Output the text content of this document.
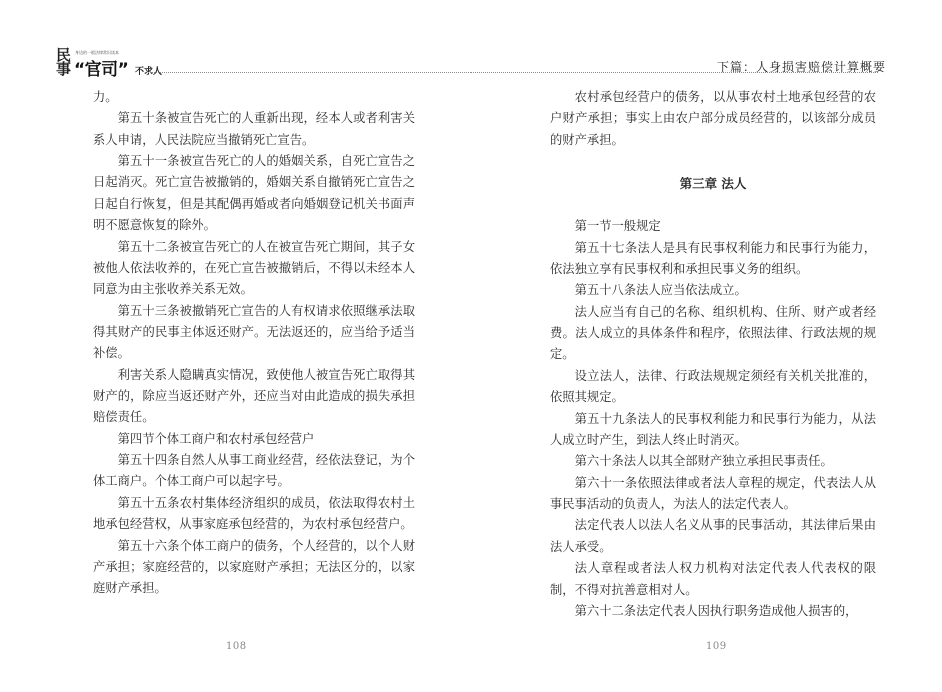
民
事
身边的一般法律常识读本
“官司” 不求人

力。

第五十条被宣告死亡的人重新出现，经本人或者利害关系人申请，人民法院应当撤销死亡宣告。

第五十一条被宣告死亡的人的婚姻关系，自死亡宣告之日起消灭。死亡宣告被撤销的，婚姻关系自撤销死亡宣告之日起自行恢复，但是其配偶再婚或者向婚姻登记机关书面声明不愿意恢复的除外。

第五十二条被宣告死亡的人在被宣告死亡期间，其子女被他人依法收养的，在死亡宣告被撤销后，不得以未经本人同意为由主张收养关系无效。

第五十三条被撤销死亡宣告的人有权请求依照继承法取得其财产的民事主体返还财产。无法返还的，应当给予适当补偿。

利害关系人隐瞒真实情况，致使他人被宣告死亡取得其财产的，除应当返还财产外，还应当对由此造成的损失承担赔偿责任。

第四节个体工商户和农村承包经营户

第五十四条自然人从事工商业经营，经依法登记，为个体工商户。个体工商户可以起字号。

第五十五条农村集体经济组织的成员，依法取得农村土地承包经营权，从事家庭承包经营的，为农村承包经营户。

第五十六条个体工商户的债务，个人经营的，以个人财产承担；家庭经营的，以家庭财产承担；无法区分的，以家庭财产承担。

108
下篇：人身损害赔偿计算概要

农村承包经营户的债务，以从事农村土地承包经营的农户财产承担；事实上由农户部分成员经营的，以该部分成员的财产承担。

第三章 法人

第一节一般规定

第五十七条法人是具有民事权利能力和民事行为能力，依法独立享有民事权利和承担民事义务的组织。

第五十八条法人应当依法成立。

法人应当有自己的名称、组织机构、住所、财产或者经费。法人成立的具体条件和程序，依照法律、行政法规的规定。

设立法人，法律、行政法规规定须经有关机关批准的，依照其规定。

第五十九条法人的民事权利能力和民事行为能力，从法人成立时产生，到法人终止时消灭。

第六十条法人以其全部财产独立承担民事责任。

第六十一条依照法律或者法人章程的规定，代表法人从事民事活动的负责人，为法人的法定代表人。

法定代表人以法人名义从事的民事活动，其法律后果由法人承受。

法人章程或者法人权力机构对法定代表人代表权的限制，不得对抗善意相对人。

第六十二条法定代表人因执行职务造成他人损害的，

109
